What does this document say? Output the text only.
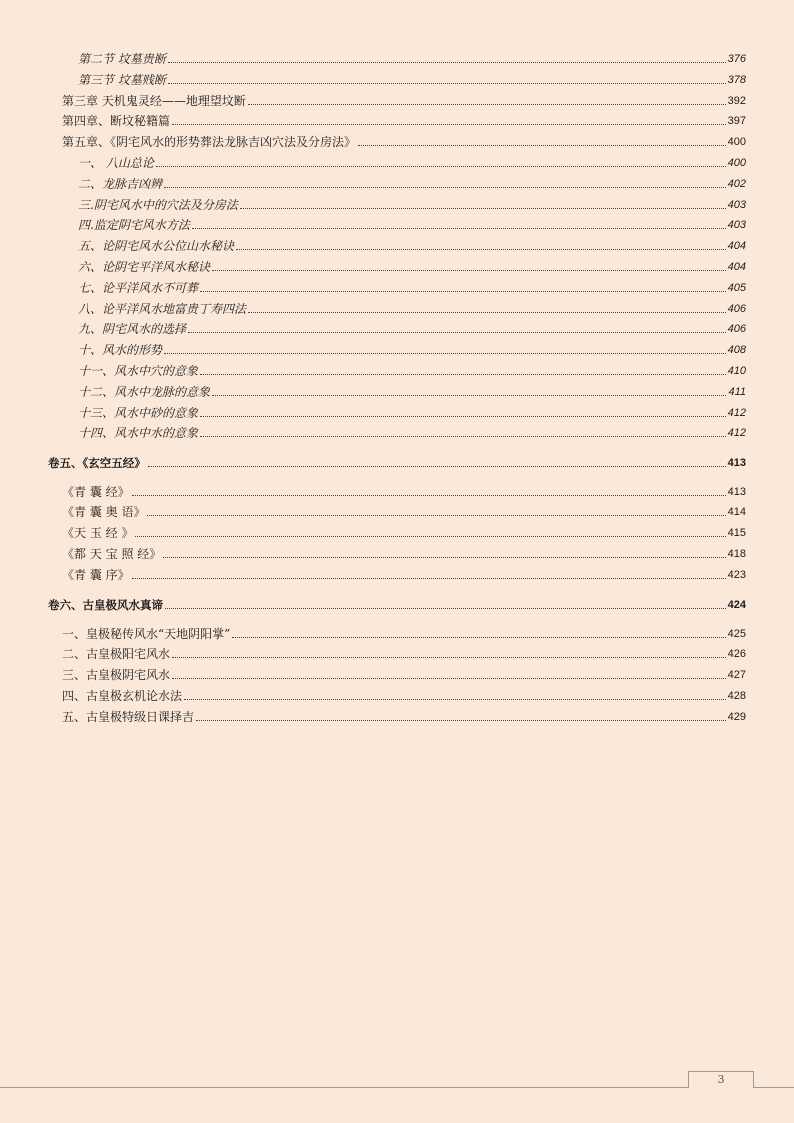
第二节 坟墓贵断	376
第三节 坟墓贱断	378
第三章 天机鬼灵经——地理望坟断	392
第四章、断坟秘籍篇	397
第五章、《阴宅风水的形势葬法龙脉吉凶穴法及分房法》	400
一、 八山总论	400
二、龙脉吉凶辨	402
三.阴宅风水中的穴法及分房法	403
四.监定阴宅风水方法	403
五、论阴宅风水公位山水秘诀	404
六、论阴宅平洋风水秘诀	404
七、论平洋风水不可葬	405
八、论平洋风水地富贵丁寿四法	406
九、阴宅风水的选择	406
十、风水的形势	408
十一、风水中穴的意象	410
十二、风水中龙脉的意象	411
十三、风水中砂的意象	412
十四、风水中水的意象	412
卷五、《玄空五经》	413
《青 囊 经》	413
《青 囊 奥 语》	414
《天 玉 经 》	415
《都 天 宝 照 经》	418
《青 囊 序》	423
卷六、古皇极风水真谛	424
一、皇极秘传风水“天地阴阳掌”	425
二、古皇极阳宅风水	426
三、古皇极阴宅风水	427
四、古皇极玄机论水法	428
五、古皇极特级日课择吉	429
3
